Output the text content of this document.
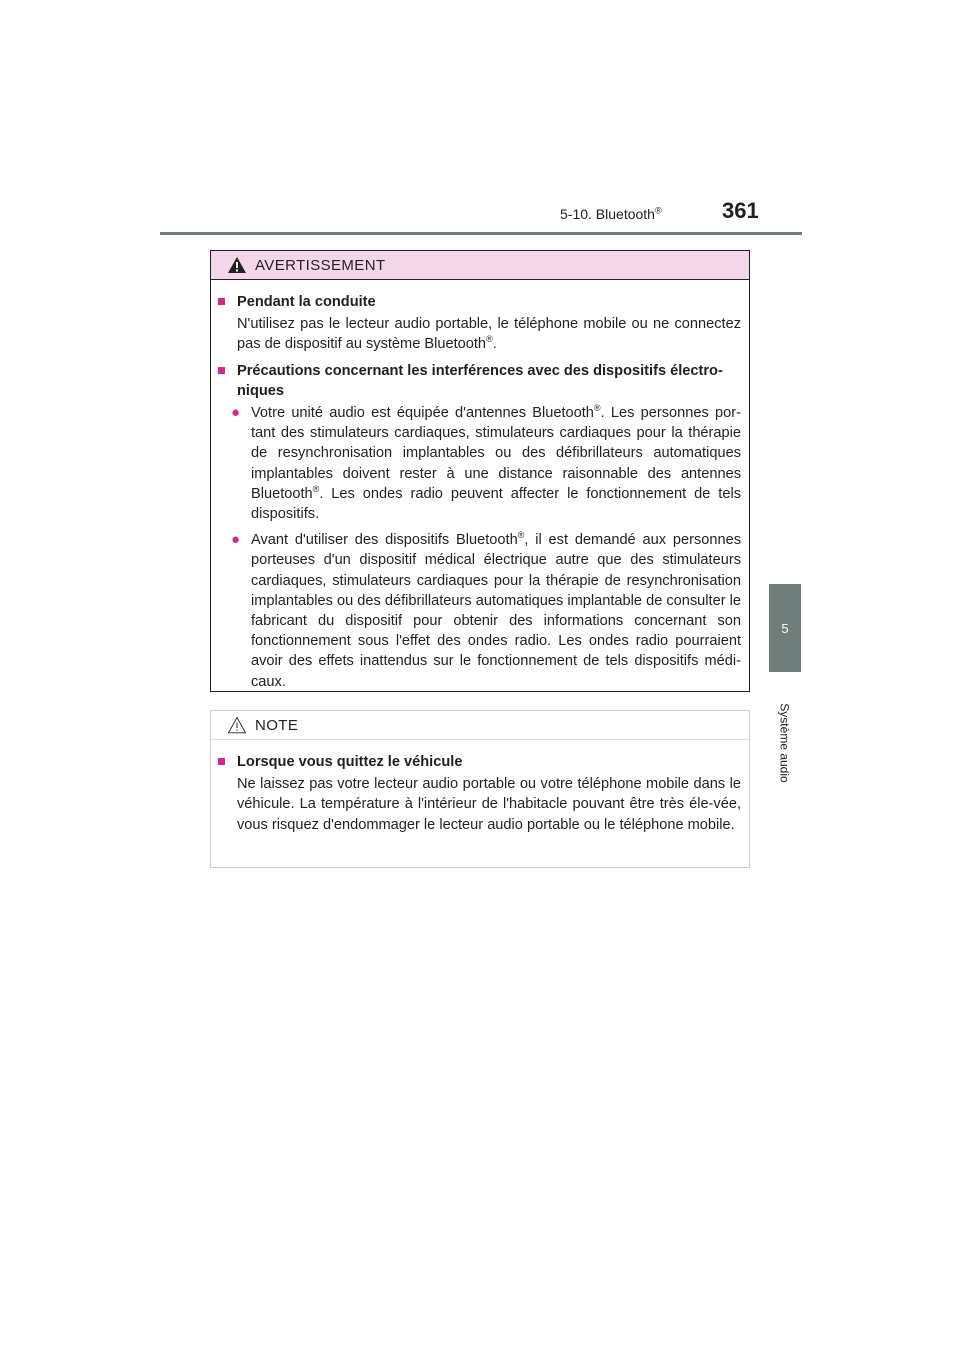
5-10. Bluetooth®	361
5
Système audio
AVERTISSEMENT
■ Pendant la conduite
N'utilisez pas le lecteur audio portable, le téléphone mobile ou ne connectez pas de dispositif au système Bluetooth®.
■ Précautions concernant les interférences avec des dispositifs électro-niques
● Votre unité audio est équipée d'antennes Bluetooth®. Les personnes por-tant des stimulateurs cardiaques, stimulateurs cardiaques pour la thérapie de resynchronisation implantables ou des défibrillateurs automatiques implantables doivent rester à une distance raisonnable des antennes Bluetooth®. Les ondes radio peuvent affecter le fonctionnement de tels dispositifs.
● Avant d'utiliser des dispositifs Bluetooth®, il est demandé aux personnes porteuses d'un dispositif médical électrique autre que des stimulateurs cardiaques, stimulateurs cardiaques pour la thérapie de resynchronisation implantables ou des défibrillateurs automatiques implantable de consulter le fabricant du dispositif pour obtenir des informations concernant son fonctionnement sous l'effet des ondes radio. Les ondes radio pourraient avoir des effets inattendus sur le fonctionnement de tels dispositifs médi-caux.
NOTE
■ Lorsque vous quittez le véhicule
Ne laissez pas votre lecteur audio portable ou votre téléphone mobile dans le véhicule. La température à l'intérieur de l'habitacle pouvant être très éle-vée, vous risquez d'endommager le lecteur audio portable ou le téléphone mobile.
